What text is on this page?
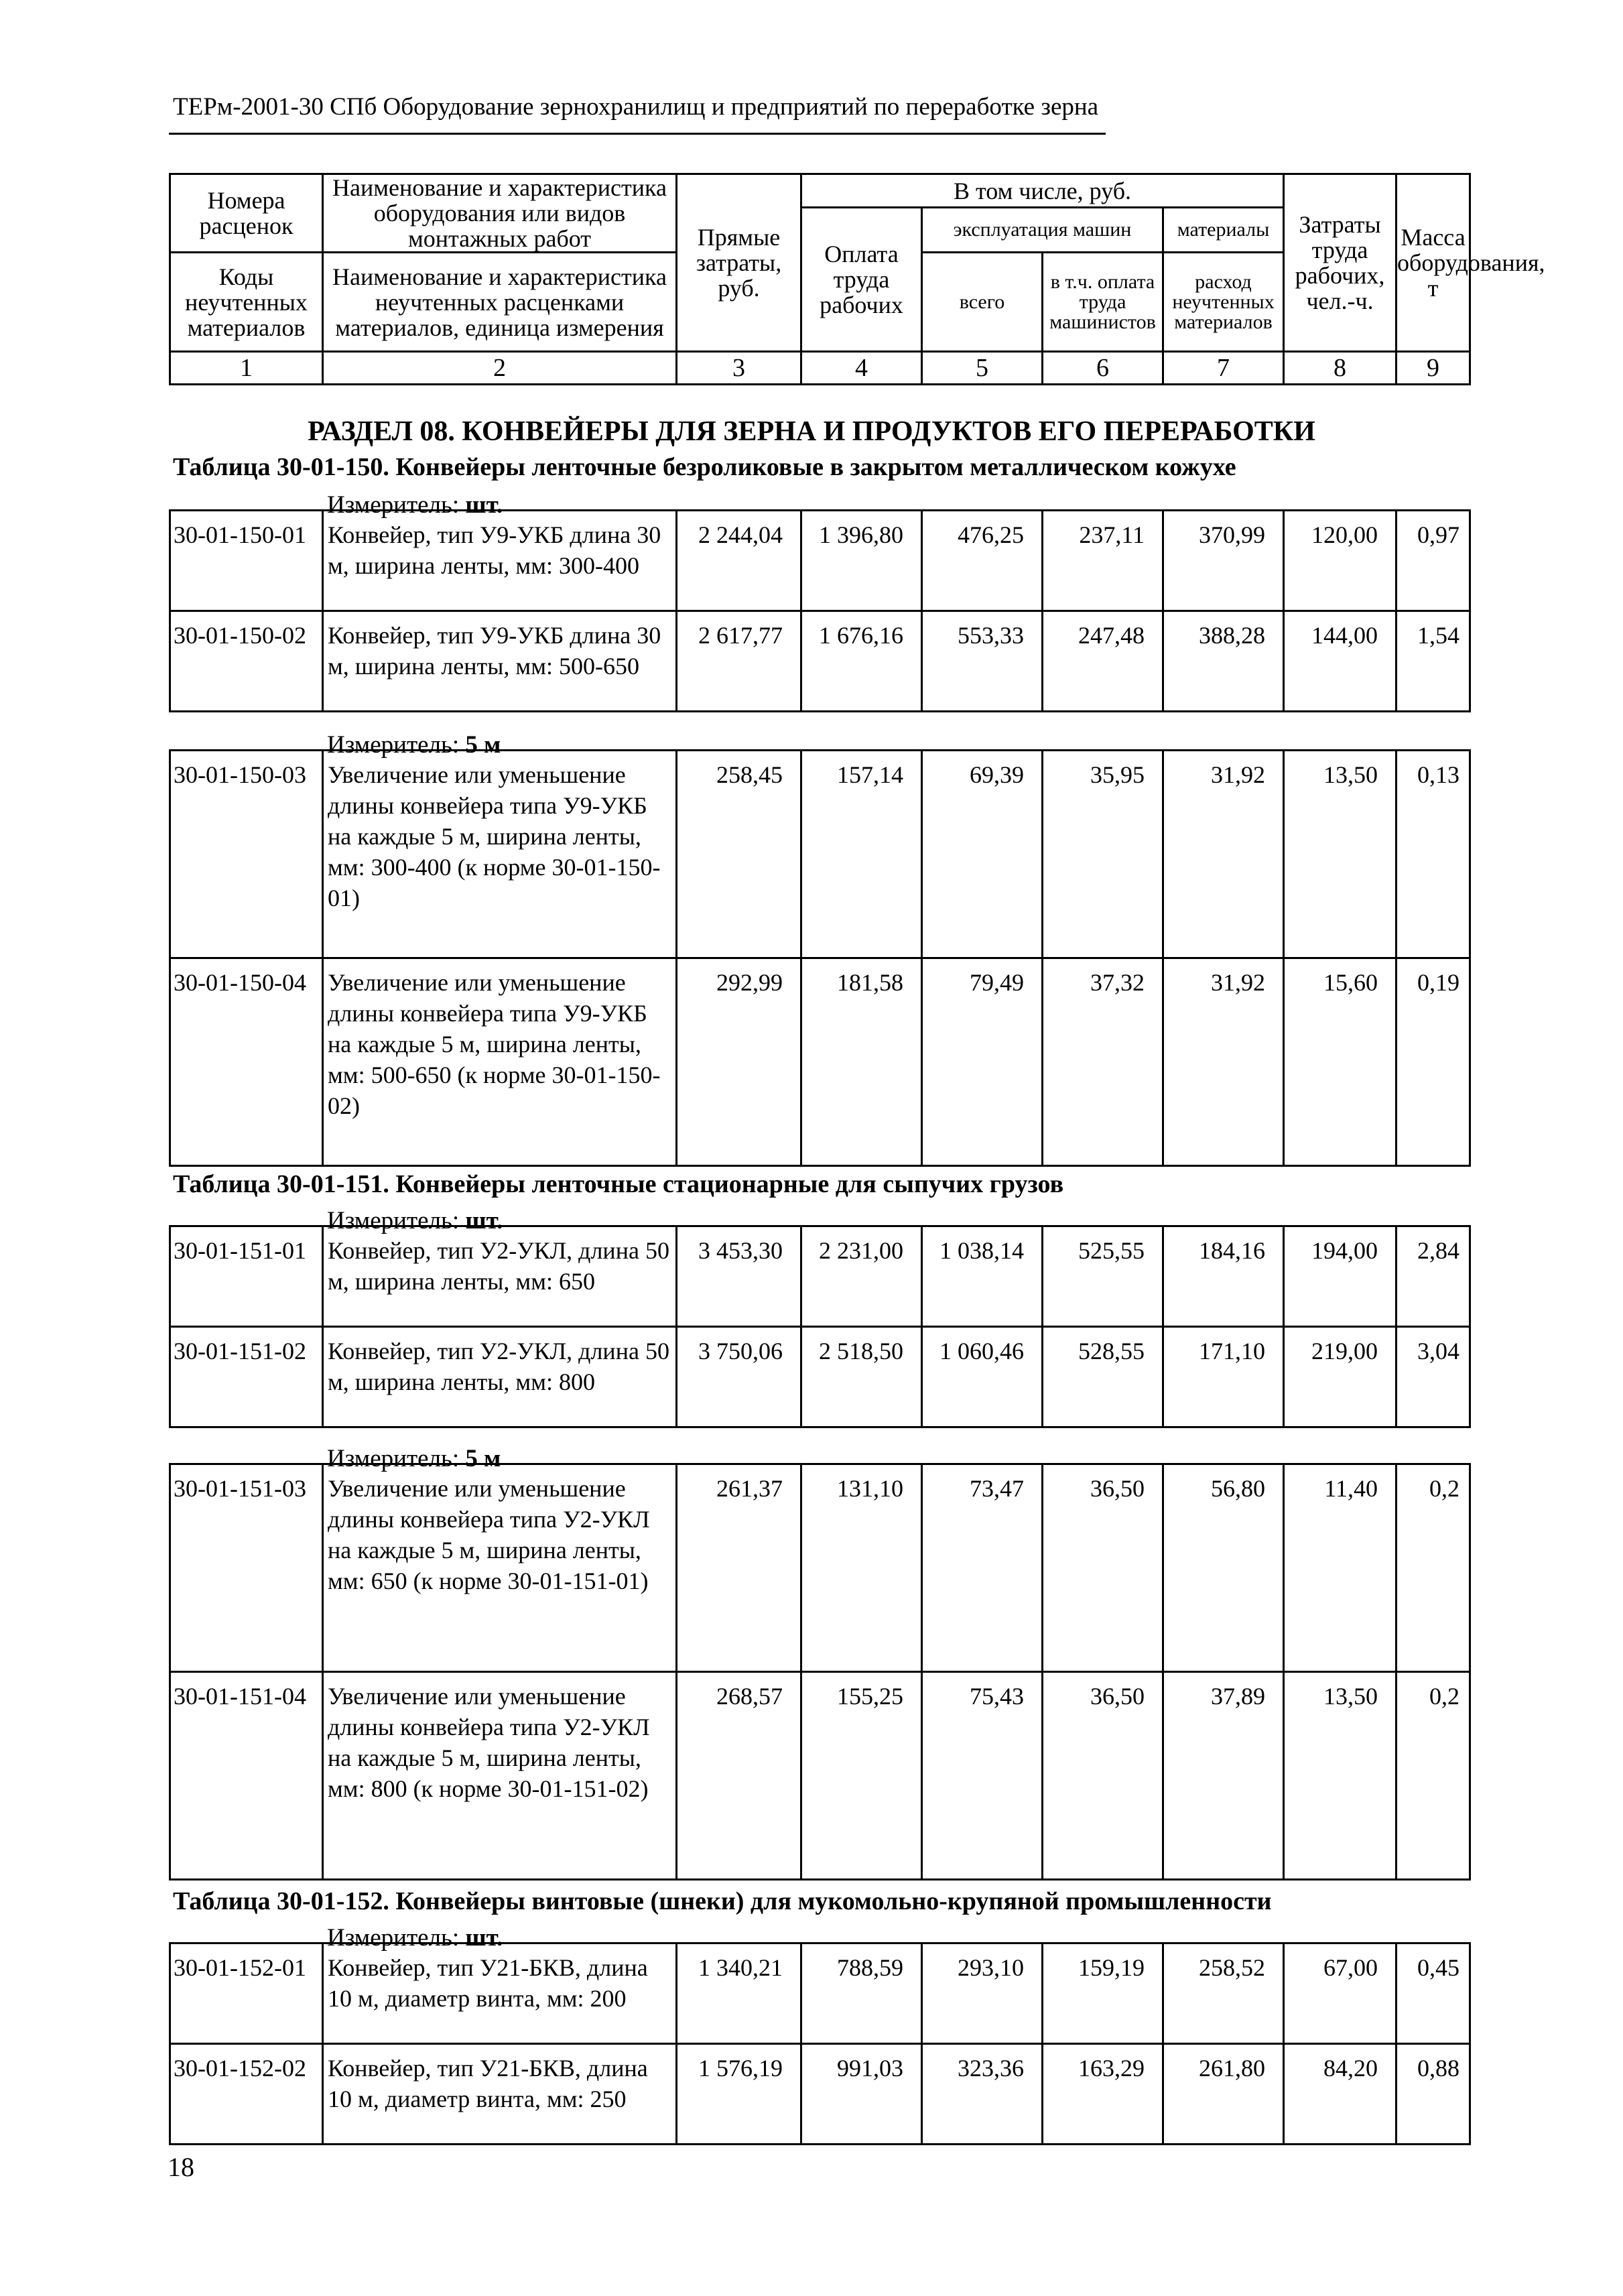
ТЕРм-2001-30 СПб Оборудование зернохранилищ и предприятий по переработке зерна
Номера расценок	Наименование и характеристика оборудования или видов монтажных работ	Прямые затраты, руб.	В том числе, руб.				Затраты труда рабочих, чел.-ч.	Масса оборудования, т
			Оплата труда рабочих	эксплуатация машин		материалы		
Коды неучтенных материалов	Наименование и характеристика неучтенных расценками материалов, единица измерения			всего	в т.ч. оплата труда машинистов	расход неучтенных материалов		

1	2	3	4	5	6	7	8	9
РАЗДЕЛ 08. КОНВЕЙЕРЫ ДЛЯ ЗЕРНА И ПРОДУКТОВ ЕГО ПЕРЕРАБОТКИ
Таблица 30-01-150. Конвейеры ленточные безроликовые в закрытом металлическом кожухе
Измеритель: шт.
30-01-150-01	Конвейер, тип У9-УКБ длина 30 м, ширина ленты, мм: 300-400	2 244,04	1 396,80	476,25	237,11	370,99	120,00	0,97
30-01-150-02	Конвейер, тип У9-УКБ длина 30 м, ширина ленты, мм: 500-650	2 617,77	1 676,16	553,33	247,48	388,28	144,00	1,54
Измеритель: 5 м
30-01-150-03	Увеличение или уменьшение длины конвейера типа У9-УКБ на каждые 5 м, ширина ленты, мм: 300-400 (к норме 30-01-150-01)	258,45	157,14	69,39	35,95	31,92	13,50	0,13
30-01-150-04	Увеличение или уменьшение длины конвейера типа У9-УКБ на каждые 5 м, ширина ленты, мм: 500-650 (к норме 30-01-150-02)	292,99	181,58	79,49	37,32	31,92	15,60	0,19
Таблица 30-01-151. Конвейеры ленточные стационарные для сыпучих грузов
Измеритель: шт.
30-01-151-01	Конвейер, тип У2-УКЛ, длина 50 м, ширина ленты, мм: 650	3 453,30	2 231,00	1 038,14	525,55	184,16	194,00	2,84
30-01-151-02	Конвейер, тип У2-УКЛ, длина 50 м, ширина ленты, мм: 800	3 750,06	2 518,50	1 060,46	528,55	171,10	219,00	3,04
Измеритель: 5 м
30-01-151-03	Увеличение или уменьшение длины конвейера типа У2-УКЛ на каждые 5 м, ширина ленты, мм: 650 (к норме 30-01-151-01)	261,37	131,10	73,47	36,50	56,80	11,40	0,2
30-01-151-04	Увеличение или уменьшение длины конвейера типа У2-УКЛ на каждые 5 м, ширина ленты, мм: 800 (к норме 30-01-151-02)	268,57	155,25	75,43	36,50	37,89	13,50	0,2
Таблица 30-01-152. Конвейеры винтовые (шнеки) для мукомольно-крупяной промышленности
Измеритель: шт.
30-01-152-01	Конвейер, тип У21-БКВ, длина 10 м, диаметр винта, мм: 200	1 340,21	788,59	293,10	159,19	258,52	67,00	0,45
30-01-152-02	Конвейер, тип У21-БКВ, длина 10 м, диаметр винта, мм: 250	1 576,19	991,03	323,36	163,29	261,80	84,20	0,88
18
